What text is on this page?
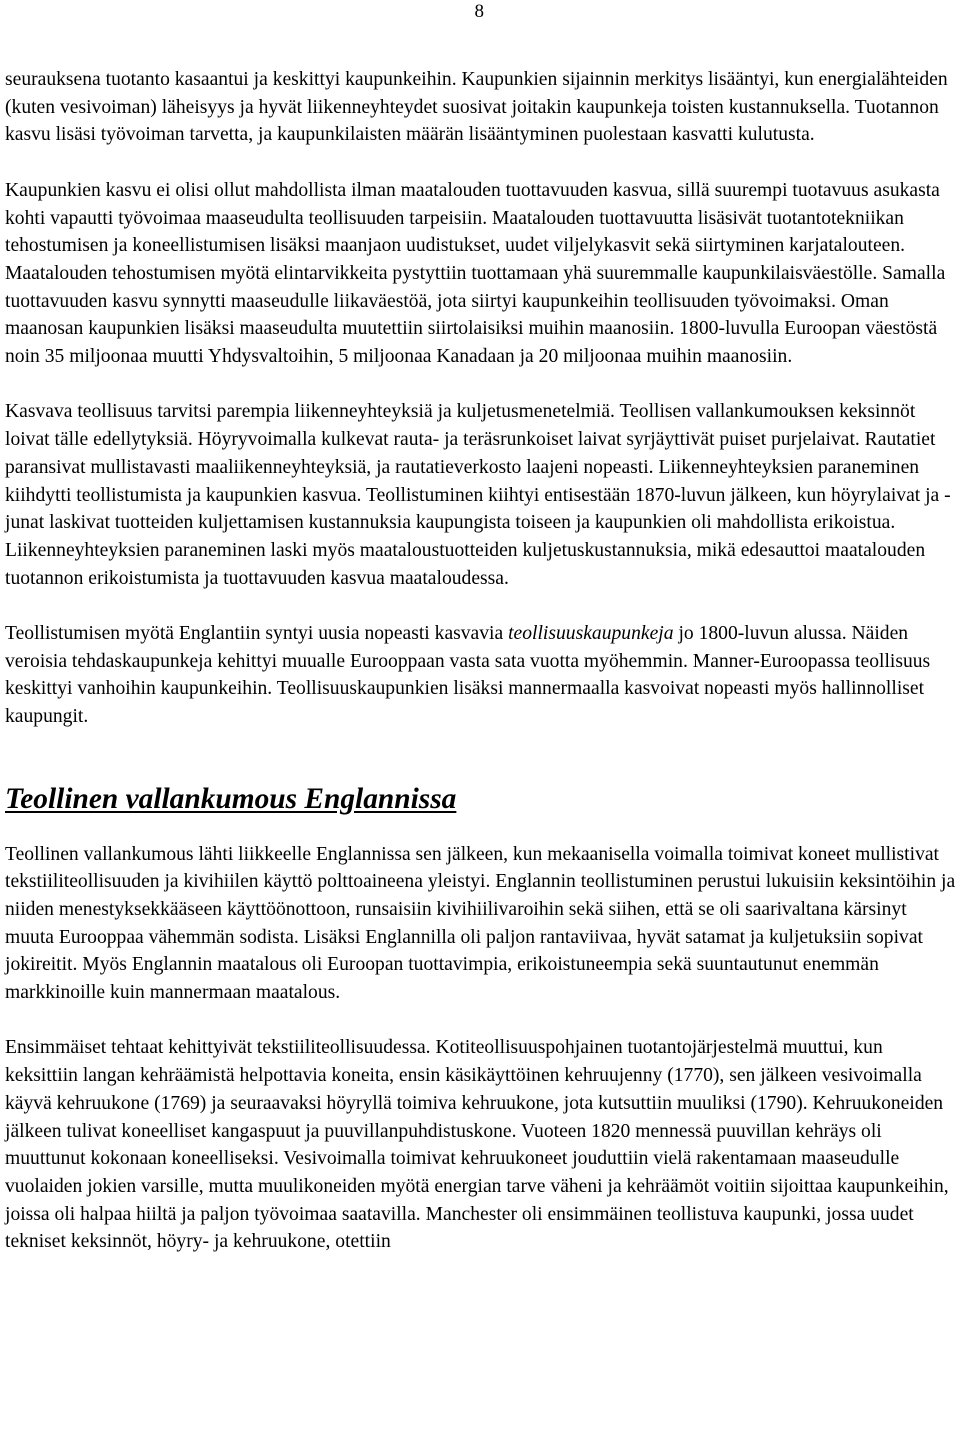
8

seurauksena tuotanto kasaantui ja keskittyi kaupunkeihin. Kaupunkien sijainnin merkitys lisääntyi, kun energialähteiden (kuten vesivoiman) läheisyys ja hyvät liikenneyhteydet suosivat joitakin kaupunkeja toisten kustannuksella. Tuotannon kasvu lisäsi työvoiman tarvetta, ja kaupunkilaisten määrän lisääntyminen puolestaan kasvatti kulutusta.

Kaupunkien kasvu ei olisi ollut mahdollista ilman maatalouden tuottavuuden kasvua, sillä suurempi tuotavuus asukasta kohti vapautti työvoimaa maaseudulta teollisuuden tarpeisiin. Maatalouden tuottavuutta lisäsivät tuotantotekniikan tehostumisen ja koneellistumisen lisäksi maanjaon uudistukset, uudet viljelykasvit sekä siirtyminen karjatalouteen. Maatalouden tehostumisen myötä elintarvikkeita pystyttiin tuottamaan yhä suuremmalle kaupunkilaisväestölle. Samalla tuottavuuden kasvu synnytti maaseudulle liikaväestöä, jota siirtyi kaupunkeihin teollisuuden työvoimaksi. Oman maanosan kaupunkien lisäksi maaseudulta muutettiin siirtolaisiksi muihin maanosiin. 1800-luvulla Euroopan väestöstä noin 35 miljoonaa muutti Yhdysvaltoihin, 5 miljoonaa Kanadaan ja 20 miljoonaa muihin maanosiin.

Kasvava teollisuus tarvitsi parempia liikenneyhteyksiä ja kuljetusmenetelmiä. Teollisen vallankumouksen keksinnöt loivat tälle edellytyksiä. Höyryvoimalla kulkevat rauta- ja teräsrunkoiset laivat syrjäyttivät puiset purjelaivat. Rautatiet paransivat mullistavasti maaliikenneyhteyksiä, ja rautatieverkosto laajeni nopeasti. Liikenneyhteyksien paraneminen kiihdytti teollistumista ja kaupunkien kasvua. Teollistuminen kiihtyi entisestään 1870-luvun jälkeen, kun höyrylaivat ja -junat laskivat tuotteiden kuljettamisen kustannuksia kaupungista toiseen ja kaupunkien oli mahdollista erikoistua. Liikenneyhteyksien paraneminen laski myös maataloustuotteiden kuljetuskustannuksia, mikä edesauttoi maatalouden tuotannon erikoistumista ja tuottavuuden kasvua maataloudessa.

Teollistumisen myötä Englantiin syntyi uusia nopeasti kasvavia teollisuuskaupunkeja jo 1800-luvun alussa. Näiden veroisia tehdaskaupunkeja kehittyi muualle Eurooppaan vasta sata vuotta myöhemmin. Manner-Euroopassa teollisuus keskittyi vanhoihin kaupunkeihin. Teollisuuskaupunkien lisäksi mannermaalla kasvoivat nopeasti myös hallinnolliset kaupungit.

Teollinen vallankumous Englannissa

Teollinen vallankumous lähti liikkeelle Englannissa sen jälkeen, kun mekaanisella voimalla toimivat koneet mullistivat tekstiiliteollisuuden ja kivihiilen käyttö polttoaineena yleistyi. Englannin teollistuminen perustui lukuisiin keksintöihin ja niiden menestyksekkääseen käyttöönottoon, runsaisiin kivihiilivaroihin sekä siihen, että se oli saarivaltana kärsinyt muuta Eurooppaa vähemmän sodista. Lisäksi Englannilla oli paljon rantaviivaa, hyvät satamat ja kuljetuksiin sopivat jokireitit. Myös Englannin maatalous oli Euroopan tuottavimpia, erikoistuneempia sekä suuntautunut enemmän markkinoille kuin mannermaan maatalous.

Ensimmäiset tehtaat kehittyivät tekstiiliteollisuudessa. Kotiteollisuuspohjainen tuotantojärjestelmä muuttui, kun keksittiin langan kehräämistä helpottavia koneita, ensin käsikäyttöinen kehruujenny (1770), sen jälkeen vesivoimalla käyvä kehruukone (1769) ja seuraavaksi höyryllä toimiva kehruukone, jota kutsuttiin muuliksi (1790). Kehruukoneiden jälkeen tulivat koneelliset kangaspuut ja puuvillanpuhdistuskone. Vuoteen 1820 mennessä puuvillan kehräys oli muuttunut kokonaan koneelliseksi. Vesivoimalla toimivat kehruukoneet jouduttiin vielä rakentamaan maaseudulle vuolaiden jokien varsille, mutta muulikoneiden myötä energian tarve väheni ja kehräämöt voitiin sijoittaa kaupunkeihin, joissa oli halpaa hiiltä ja paljon työvoimaa saatavilla. Manchester oli ensimmäinen teollistuva kaupunki, jossa uudet tekniset keksinnöt, höyry- ja kehruukone, otettiin
